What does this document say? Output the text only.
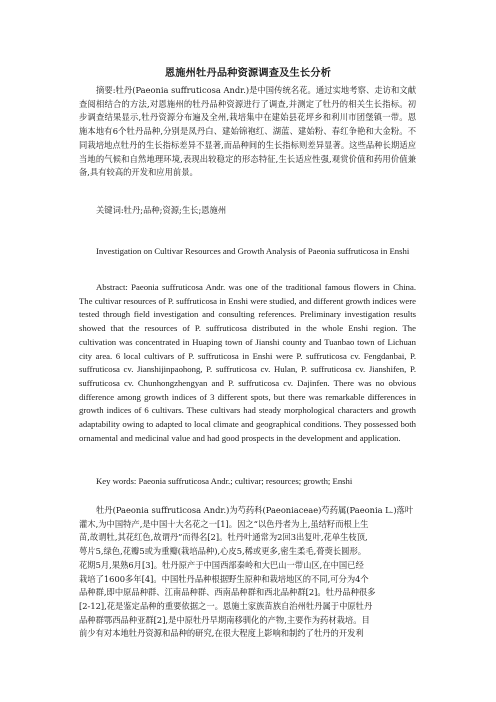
恩施州牡丹品种资源调查及生长分析
摘要:牡丹(Paeonia suffruticosa Andr.)是中国传统名花。通过实地考察、走访和文献查阅相结合的方法,对恩施州的牡丹品种资源进行了调查,并测定了牡丹的相关生长指标。初步调查结果显示,牡丹资源分布遍及全州,栽培集中在建始县花坪乡和利川市团堡镇一带。恩施本地有6个牡丹品种,分别是凤丹白、建始锦袍红、湖蓝、建始粉、春红争艳和大金粉。不同栽培地点牡丹的生长指标差异不显著,而品种间的生长指标则差异显著。这些品种长期适应当地的气候和自然地理环境,表现出较稳定的形态特征,生长适应性强,观赏价值和药用价值兼备,具有较高的开发和应用前景。
关键词:牡丹;品种;资源;生长;恩施州
Investigation on Cultivar Resources and Growth Analysis of Paeonia suffruticosa in Enshi
Abstract: Paeonia suffruticosa Andr. was one of the traditional famous flowers in China. The cultivar resources of P. suffruticosa in Enshi were studied, and different growth indices were tested through field investigation and consulting references. Preliminary investigation results showed that the resources of P. suffruticosa distributed in the whole Enshi region. The cultivation was concentrated in Huaping town of Jianshi county and Tuanbao town of Lichuan city area. 6 local cultivars of P. suffruticosa in Enshi were P. suffruticosa cv. Fengdanbai, P. suffruticosa cv. Jianshijinpaohong, P. suffruticosa cv. Hulan, P. suffruticosa cv. Jianshifen, P. suffruticosa cv. Chunhongzhengyan and P. suffruticosa cv. Dajinfen. There was no obvious difference among growth indices of 3 different spots, but there was remarkable differences in growth indices of 6 cultivars. These cultivars had steady morphological characters and growth adaptability owing to adapted to local climate and geographical conditions. They possessed both ornamental and medicinal value and had good prospects in the development and application.
Key words: Paeonia suffruticosa Andr.; cultivar; resources; growth; Enshi
牡丹(Paeonia suffruticosa Andr.)为芍药科(Paeoniaceae)芍药属(Paeonia L.)落叶
灌木,为中国特产,是中国十大名花之一[1]。因之“以色丹者为上,虽结籽而根上生
苗,故谓牡,其花红色,故谓丹”而得名[2]。牡丹叶通常为2回3出复叶,花单生枝顶,
萼片5,绿色,花瓣5或为重瓣(栽培品种),心皮5,稀或更多,密生柔毛,蓇葖长圆形。
花期5月,果熟6月[3]。牡丹原产于中国西部秦岭和大巴山一带山区,在中国已经
栽培了1600多年[4]。中国牡丹品种根据野生原种和栽培地区的不同,可分为4个
品种群,即中原品种群、江南品种群、西南品种群和西北品种群[2]。牡丹品种很多
[2-12],花是鉴定品种的重要依据之一。恩施土家族苗族自治州牡丹属于中原牡丹
品种群鄂西品种亚群[2],是中原牡丹早期南移驯化的产物,主要作为药材栽培。目
前少有对本地牡丹资源和品种的研究,在很大程度上影响和制约了牡丹的开发利
